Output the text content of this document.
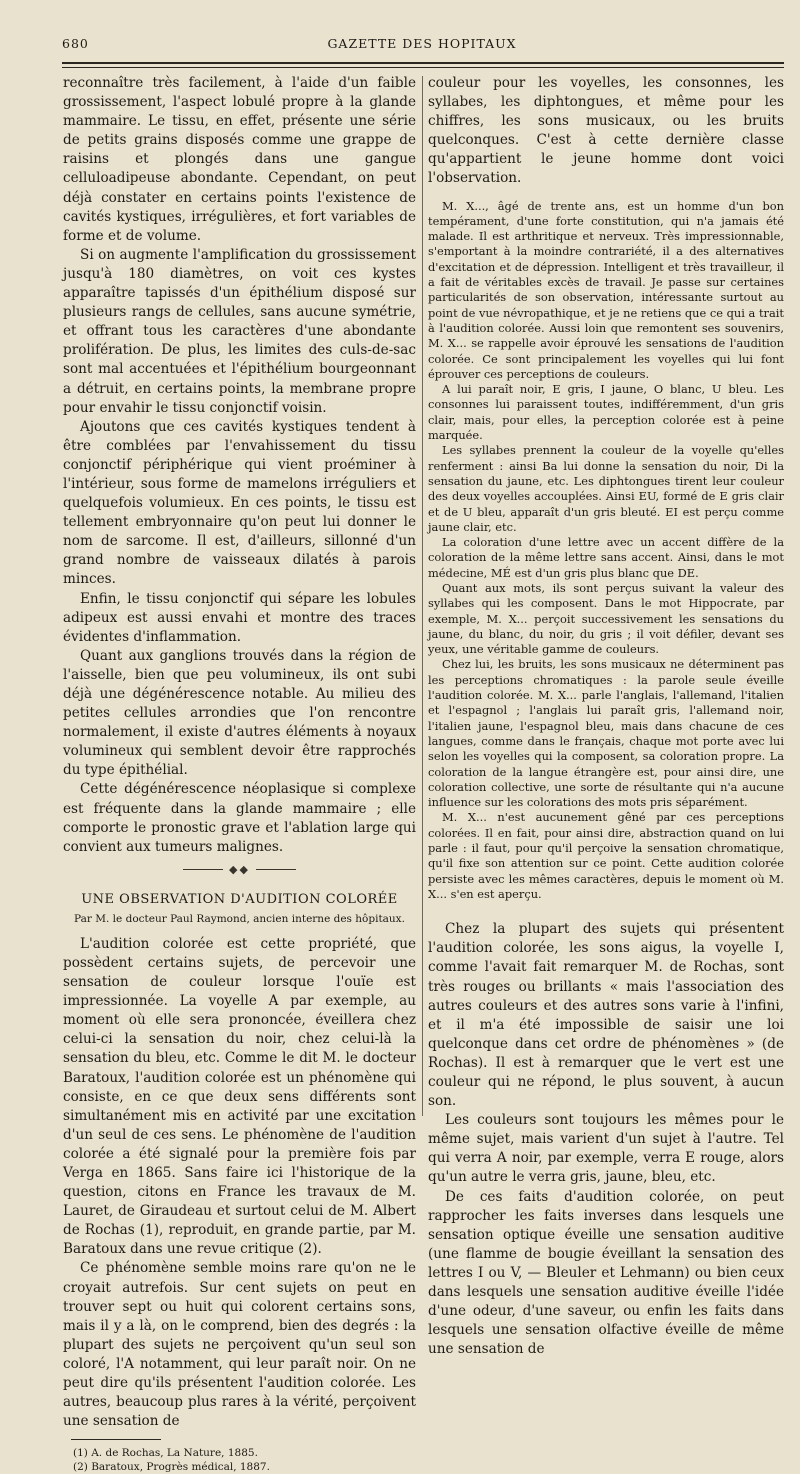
680	GAZETTE DES HOPITAUX

reconnaître très facilement, à l'aide d'un faible grossissement, l'aspect lobulé propre à la glande mammaire. Le tissu, en effet, présente une série de petits grains disposés comme une grappe de raisins et plongés dans une gangue celluloadipeuse abondante. Cependant, on peut déjà constater en certains points l'existence de cavités kystiques, irrégulières, et fort variables de forme et de volume.

Si on augmente l'amplification du grossissement jusqu'à 180 diamètres, on voit ces kystes apparaître tapissés d'un épithélium disposé sur plusieurs rangs de cellules, sans aucune symétrie, et offrant tous les caractères d'une abondante prolifération. De plus, les limites des culs-de-sac sont mal accentuées et l'épithélium bourgeonnant a détruit, en certains points, la membrane propre pour envahir le tissu conjonctif voisin.

Ajoutons que ces cavités kystiques tendent à être comblées par l'envahissement du tissu conjonctif périphérique qui vient proéminer à l'intérieur, sous forme de mamelons irréguliers et quelquefois volumieux. En ces points, le tissu est tellement embryonnaire qu'on peut lui donner le nom de sarcome. Il est, d'ailleurs, sillonné d'un grand nombre de vaisseaux dilatés à parois minces.

Enfin, le tissu conjonctif qui sépare les lobules adipeux est aussi envahi et montre des traces évidentes d'inflammation.

Quant aux ganglions trouvés dans la région de l'aisselle, bien que peu volumineux, ils ont subi déjà une dégénérescence notable. Au milieu des petites cellules arrondies que l'on rencontre normalement, il existe d'autres éléments à noyaux volumineux qui semblent devoir être rapprochés du type épithélial.

Cette dégénérescence néoplasique si complexe est fréquente dans la glande mammaire ; elle comporte le pronostic grave et l'ablation large qui convient aux tumeurs malignes.

◆◆
UNE OBSERVATION D'AUDITION COLORÉE
Par M. le docteur Paul Raymond, ancien interne des hôpitaux.

L'audition colorée est cette propriété, que possèdent certains sujets, de percevoir une sensation de couleur lorsque l'ouïe est impressionnée. La voyelle A par exemple, au moment où elle sera prononcée, éveillera chez celui-ci la sensation du noir, chez celui-là la sensation du bleu, etc. Comme le dit M. le docteur Baratoux, l'audition colorée est un phénomène qui consiste, en ce que deux sens différents sont simultanément mis en activité par une excitation d'un seul de ces sens. Le phénomène de l'audition colorée a été signalé pour la première fois par Verga en 1865. Sans faire ici l'historique de la question, citons en France les travaux de M. Lauret, de Giraudeau et surtout celui de M. Albert de Rochas (1), reproduit, en grande partie, par M. Baratoux dans une revue critique (2).

Ce phénomène semble moins rare qu'on ne le croyait autrefois. Sur cent sujets on peut en trouver sept ou huit qui colorent certains sons, mais il y a là, on le comprend, bien des degrés : la plupart des sujets ne perçoivent qu'un seul son coloré, l'A notamment, qui leur paraît noir. On ne peut dire qu'ils présentent l'audition colorée. Les autres, beaucoup plus rares à la vérité, perçoivent une sensation de

(1) A. de Rochas, La Nature, 1885.
(2) Baratoux, Progrès médical, 1887.

couleur pour les voyelles, les consonnes, les syllabes, les diphtongues, et même pour les chiffres, les sons musicaux, ou les bruits quelconques. C'est à cette dernière classe qu'appartient le jeune homme dont voici l'observation.

M. X..., âgé de trente ans, est un homme d'un bon tempérament, d'une forte constitution, qui n'a jamais été malade. Il est arthritique et nerveux. Très impressionnable, s'emportant à la moindre contrariété, il a des alternatives d'excitation et de dépression. Intelligent et très travailleur, il a fait de véritables excès de travail. Je passe sur certaines particularités de son observation, intéressante surtout au point de vue névropathique, et je ne retiens que ce qui a trait à l'audition colorée. Aussi loin que remontent ses souvenirs, M. X... se rappelle avoir éprouvé les sensations de l'audition colorée. Ce sont principalement les voyelles qui lui font éprouver ces perceptions de couleurs.

A lui paraît noir, E gris, I jaune, O blanc, U bleu. Les consonnes lui paraissent toutes, indifféremment, d'un gris clair, mais, pour elles, la perception colorée est à peine marquée.

Les syllabes prennent la couleur de la voyelle qu'elles renferment : ainsi Ba lui donne la sensation du noir, Di la sensation du jaune, etc. Les diphtongues tirent leur couleur des deux voyelles accouplées. Ainsi EU, formé de E gris clair et de U bleu, apparaît d'un gris bleuté. EI est perçu comme jaune clair, etc.

La coloration d'une lettre avec un accent diffère de la coloration de la même lettre sans accent. Ainsi, dans le mot médecine, MÉ est d'un gris plus blanc que DE.

Quant aux mots, ils sont perçus suivant la valeur des syllabes qui les composent. Dans le mot Hippocrate, par exemple, M. X... perçoit successivement les sensations du jaune, du blanc, du noir, du gris ; il voit défiler, devant ses yeux, une véritable gamme de couleurs.

Chez lui, les bruits, les sons musicaux ne déterminent pas les perceptions chromatiques : la parole seule éveille l'audition colorée. M. X... parle l'anglais, l'allemand, l'italien et l'espagnol ; l'anglais lui paraît gris, l'allemand noir, l'italien jaune, l'espagnol bleu, mais dans chacune de ces langues, comme dans le français, chaque mot porte avec lui selon les voyelles qui la composent, sa coloration propre. La coloration de la langue étrangère est, pour ainsi dire, une coloration collective, une sorte de résultante qui n'a aucune influence sur les colorations des mots pris séparément.

M. X... n'est aucunement gêné par ces perceptions colorées. Il en fait, pour ainsi dire, abstraction quand on lui parle : il faut, pour qu'il perçoive la sensation chromatique, qu'il fixe son attention sur ce point. Cette audition colorée persiste avec les mêmes caractères, depuis le moment où M. X... s'en est aperçu.

Chez la plupart des sujets qui présentent l'audition colorée, les sons aigus, la voyelle I, comme l'avait fait remarquer M. de Rochas, sont très rouges ou brillants « mais l'association des autres couleurs et des autres sons varie à l'infini, et il m'a été impossible de saisir une loi quelconque dans cet ordre de phénomènes » (de Rochas). Il est à remarquer que le vert est une couleur qui ne répond, le plus souvent, à aucun son.

Les couleurs sont toujours les mêmes pour le même sujet, mais varient d'un sujet à l'autre. Tel qui verra A noir, par exemple, verra E rouge, alors qu'un autre le verra gris, jaune, bleu, etc.

De ces faits d'audition colorée, on peut rapprocher les faits inverses dans lesquels une sensation optique éveille une sensation auditive (une flamme de bougie éveillant la sensation des lettres I ou V, — Bleuler et Lehmann) ou bien ceux dans lesquels une sensation auditive éveille l'idée d'une odeur, d'une saveur, ou enfin les faits dans lesquels une sensation olfactive éveille de même une sensation de
